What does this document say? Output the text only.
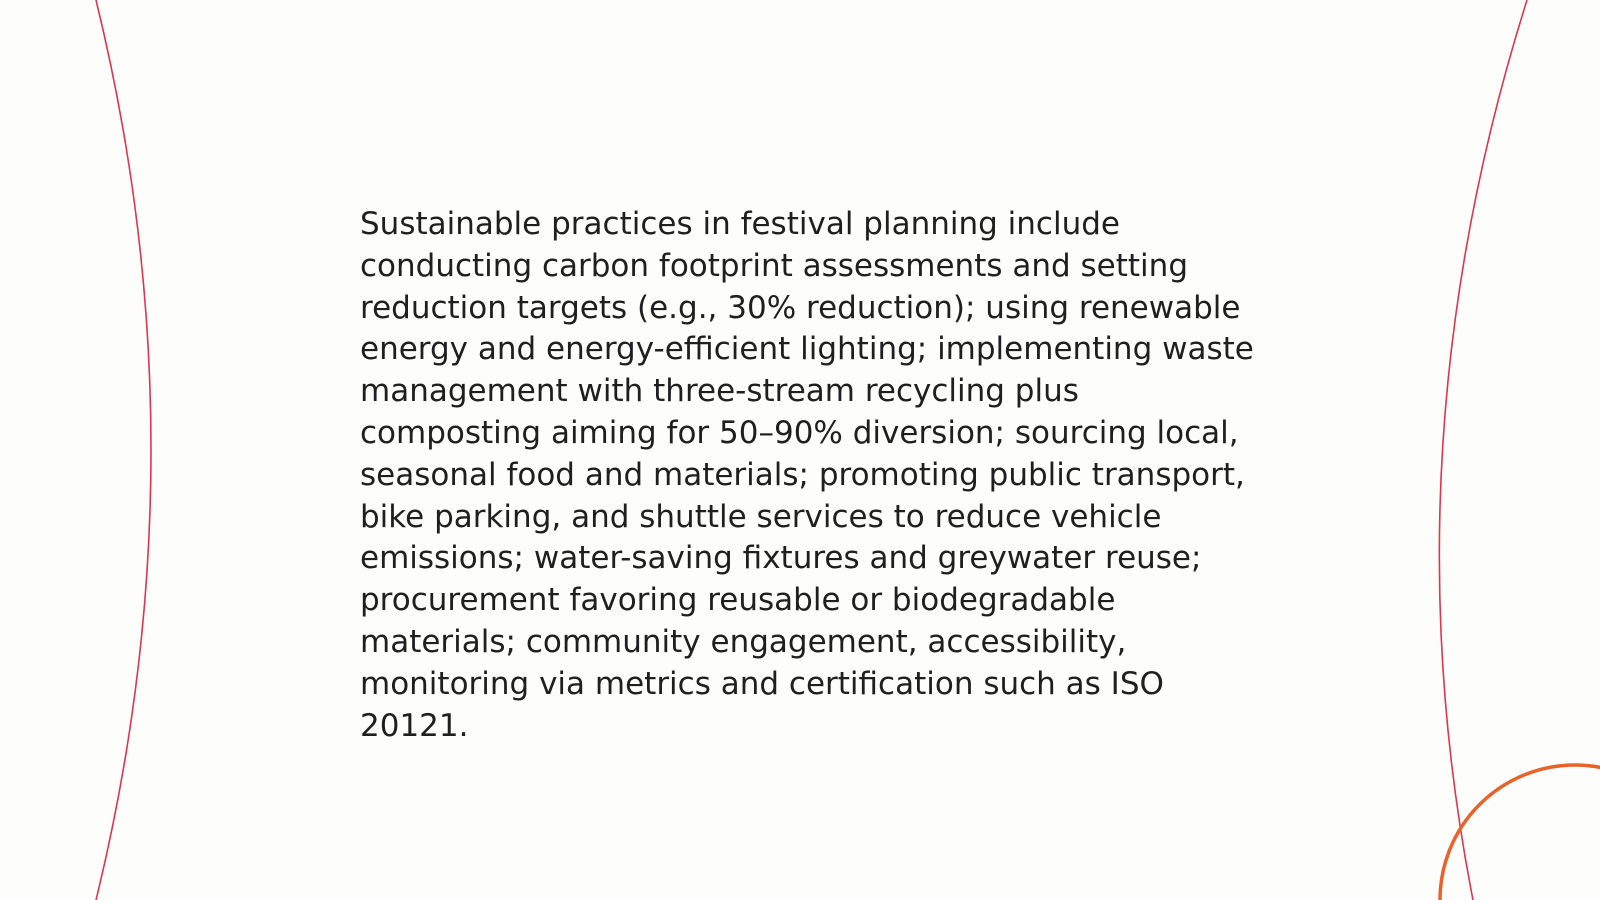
Sustainable practices in festival planning include conducting carbon footprint assessments and setting reduction targets (e.g., 30% reduction); using renewable energy and energy-efficient lighting; implementing waste management with three-stream recycling plus composting aiming for 50–90% diversion; sourcing local, seasonal food and materials; promoting public transport, bike parking, and shuttle services to reduce vehicle emissions; water-saving fixtures and greywater reuse; procurement favoring reusable or biodegradable materials; community engagement, accessibility, monitoring via metrics and certification such as ISO 20121.
